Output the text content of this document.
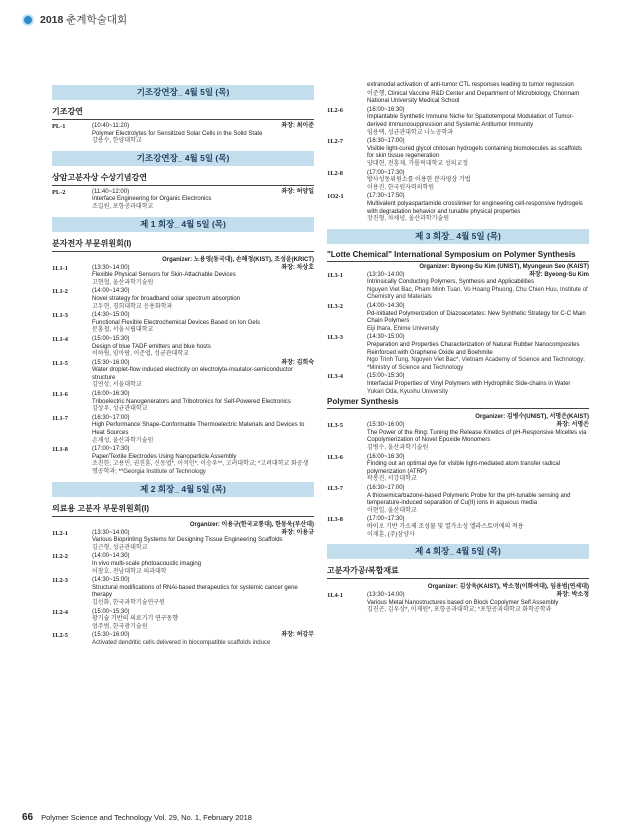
2018 춘계학술대회
기조강연장_ 4월 5일 (목)
기조강연
PL-1	(10:40~11:20)	좌장: 최이준
Polymer Electrolytes for Sensitized Solar Cells in the Solid State
강용수, 한양대학교
기조강연장_ 4월 5일 (목)
상암고분자상 수상기념강연
PL-2	(11:40~12:00)	좌장: 허양일
Interface Engineering for Organic Electronics
조길원, 포항공과대학교
제 1 회장_ 4월 5일 (목)
분자전자 부문위원회(I)
Organizer: 노용영(동국대), 손해정(KIST), 조성윤(KRICT)
1L1-1	(13:30~14:00)	좌장: 차상호
Flexible Physical Sensors for Skin-Attachable Devices
고현협, 울산과학기술원
1L1-2	(14:00~14:30)
Novel strategy for broadband solar spectrum absorption
고두현, 경희대학교 응용화학과
1L1-3	(14:30~15:00)
Functional Flexible Electrochemical Devices Based on Ion Gels
문홍철, 서울시립대학교
1L1-4	(15:00~15:30)
Design of blue TADF emitters and blue hosts
이하림, 임아람, 이준엽, 성균관대학교
1L1-5	(15:30~16:00)	좌장: 김희숙
Water droplet-flow induced electricity on electrolyte-insulator-semiconductor structure
김연상, 서울대학교
1L1-6	(16:00~16:30)
Triboelectric Nanogenerators and Tribotronics for Self-Powered Electronics
김상우, 성균관대학교
1L1-7	(16:30~17:00)
High Performance Shape-Conformable Thermoelectric Materials and Devices to Heat Sources
손재성, 울산과학기술원
1L1-8	(17:00~17:30)
Paper/Textile Electrodes Using Nanoparticle Assembly
조진한, 고용민, 권진훈, 신동엽*, 이석민*, 이승우**, 고려대학교; *고려대학교 화공생명공학과; **Georgia Institute of Technology
제 2 회장_ 4월 5일 (목)
의료용 고분자 부문위원회(I)
Organizer: 이용규(한국교통대), 한동욱(부산대)
1L2-1	(13:30~14:00)	좌장: 이용규
Various Bioprinting Systems for Designing Tissue Engineering Scaffolds
김근형, 성균관대학교
1L2-2	(14:00~14:30)
In vivo multi-scale photoacoustic imaging
이창호, 전남대학교 의과대학
1L2-3	(14:30~15:00)
Structural modifications of RNAi-based therapeutics for systemic cancer gene therapy
김선화, 한국과학기술연구원
1L2-4	(15:00~15:30)
광기술 기반의 의료기기 연구동향
엄주범, 한국광기술원
1L2-5	(15:30~16:00)	좌장: 허강무
Activated dendritic cells delivered in biocompatible scaffolds induce
extranodal activation of anti-tumor CTL responses leading to tumor regression
이준행, Clinical Vaccine R&D Center and Department of Microbiology, Chonnam National University Medical School
1L2-6	(16:00~16:30)
Implantable Synthetic Immune Niche for Spatiotemporal Modulation of Tumor-derived Immunosuppression and Systemic Antitumor Immunity
임용택, 성균관대학교 나노공학과
1L2-7	(16:30~17:00)
Visible light-cured glycol chitosan hydrogels containing biomolecules as scaffolds for skin tissue regeneration
양대현, 전흥재, 가톨릭대학교 성의교정
1L2-8	(17:00~17:30)
방사성동위원소를 이용한 분자영상 기법
이용진, 한국원자력의학원
1O2-1	(17:30~17:50)
Multivalent polyaspartamide crosslinker for engineering cell-responsive hydrogels with degradation behavior and tunable physical properties
장진형, 차채녕, 울산과학기술원
제 3 회장_ 4월 5일 (목)
"Lotte Chemical" International Symposium on Polymer Synthesis
Organizer: Byeong-Su Kim (UNIST), Myungeun Seo (KAIST)
1L3-1	(13:30~14:00)	좌장: Byeong-Su Kim
Intrinsically Conducting Polymers, Synthesis and Applicabilities
Nguyen Viet Bac, Pham Minh Tuan, Vo Hoang Phuong, Chu Chien Huu, Institute of Chemistry and Materials
1L3-2	(14:00~14:30)
Pd-initiated Polymerization of Diazoacetates: New Synthetic Strategy for C-C Main Chain Polymers
Eiji Ihara, Ehime University
1L3-3	(14:30~15:00)
Preparation and Properties Characterization of Natural Rubber Nanocomposites Reinforced with Graphene Oxide and Boehmite
Ngo Trinh Tung, Nguyen Viet Bac*, Vietnam Academy of Science and Technology; *Ministry of Science and Technology
1L3-4	(15:00~15:30)
Interfacial Properties of Vinyl Polymers with Hydrophilic Side-chains in Water
Yukari Oda, Kyushu University
Polymer Synthesis
Organizer: 김병수(UNIST), 서명은(KAIST)
1L3-5	(15:30~16:00)	좌장: 서명은
The Power of the Ring: Tuning the Release Kinetics of pH-Responsive Micelles via Copolymerization of Novel Epoxide Monomers
김병수, 울산과학기술원
1L3-6	(16:00~16:30)
Finding out an optimal dye for visible light-mediated atom transfer radical polymerization (ATRP)
곽봉진, 서강대학교
1L3-7	(16:30~17:00)
A thiosemicarbazone-based Polymeric Probe for the pH-tunable sensing and temperature-induced separation of Cu(II) ions in aqueous media
이현일, 울산대학교
1L3-8	(17:00~17:30)
바이오 기반 가소제 조성물 및 열가소성 엘라스토머에의 적용
이재훈, (주)삼양사
제 4 회장_ 4월 5일 (목)
고분자가공/복합재료
Organizer: 김상욱(KAIST), 박소정(이화여대), 임용범(연세대)
1L4-1	(13:30~14:00)	좌장: 박소정
Various Metal Nanostructures based on Block Copolymer Self Assembly
김진곤, 김우상*, 이재원*, 포항공과대학교; *포항공과대학교 화학공학과
66 Polymer Science and Technology Vol. 29, No. 1, February 2018
